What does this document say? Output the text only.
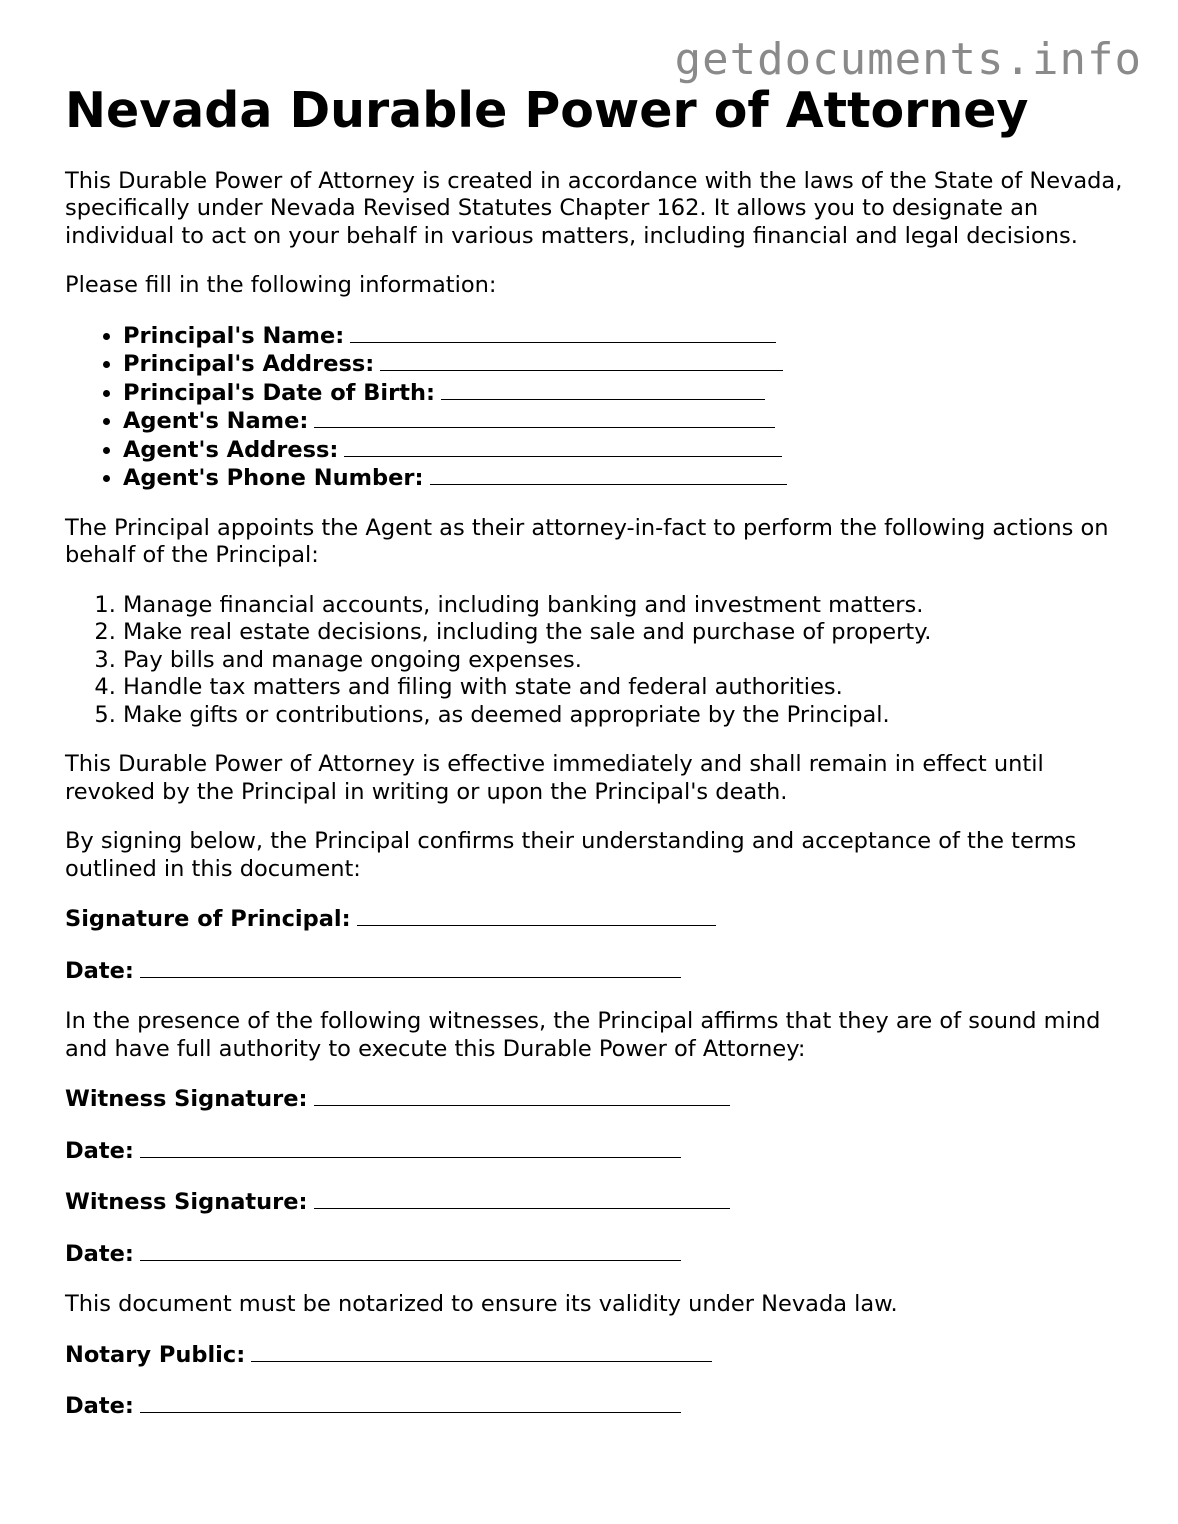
getdocuments.info
Nevada Durable Power of Attorney

This Durable Power of Attorney is created in accordance with the laws of the State of Nevada, specifically under Nevada Revised Statutes Chapter 162. It allows you to designate an individual to act on your behalf in various matters, including financial and legal decisions.

Please fill in the following information:

• Principal's Name:
• Principal's Address:
• Principal's Date of Birth:
• Agent's Name:
• Agent's Address:
• Agent's Phone Number:

The Principal appoints the Agent as their attorney-in-fact to perform the following actions on behalf of the Principal:

1. Manage financial accounts, including banking and investment matters.
2. Make real estate decisions, including the sale and purchase of property.
3. Pay bills and manage ongoing expenses.
4. Handle tax matters and filing with state and federal authorities.
5. Make gifts or contributions, as deemed appropriate by the Principal.

This Durable Power of Attorney is effective immediately and shall remain in effect until revoked by the Principal in writing or upon the Principal's death.

By signing below, the Principal confirms their understanding and acceptance of the terms outlined in this document:

Signature of Principal:
Date:

In the presence of the following witnesses, the Principal affirms that they are of sound mind and have full authority to execute this Durable Power of Attorney:

Witness Signature:
Date:
Witness Signature:
Date:

This document must be notarized to ensure its validity under Nevada law.

Notary Public:
Date:
